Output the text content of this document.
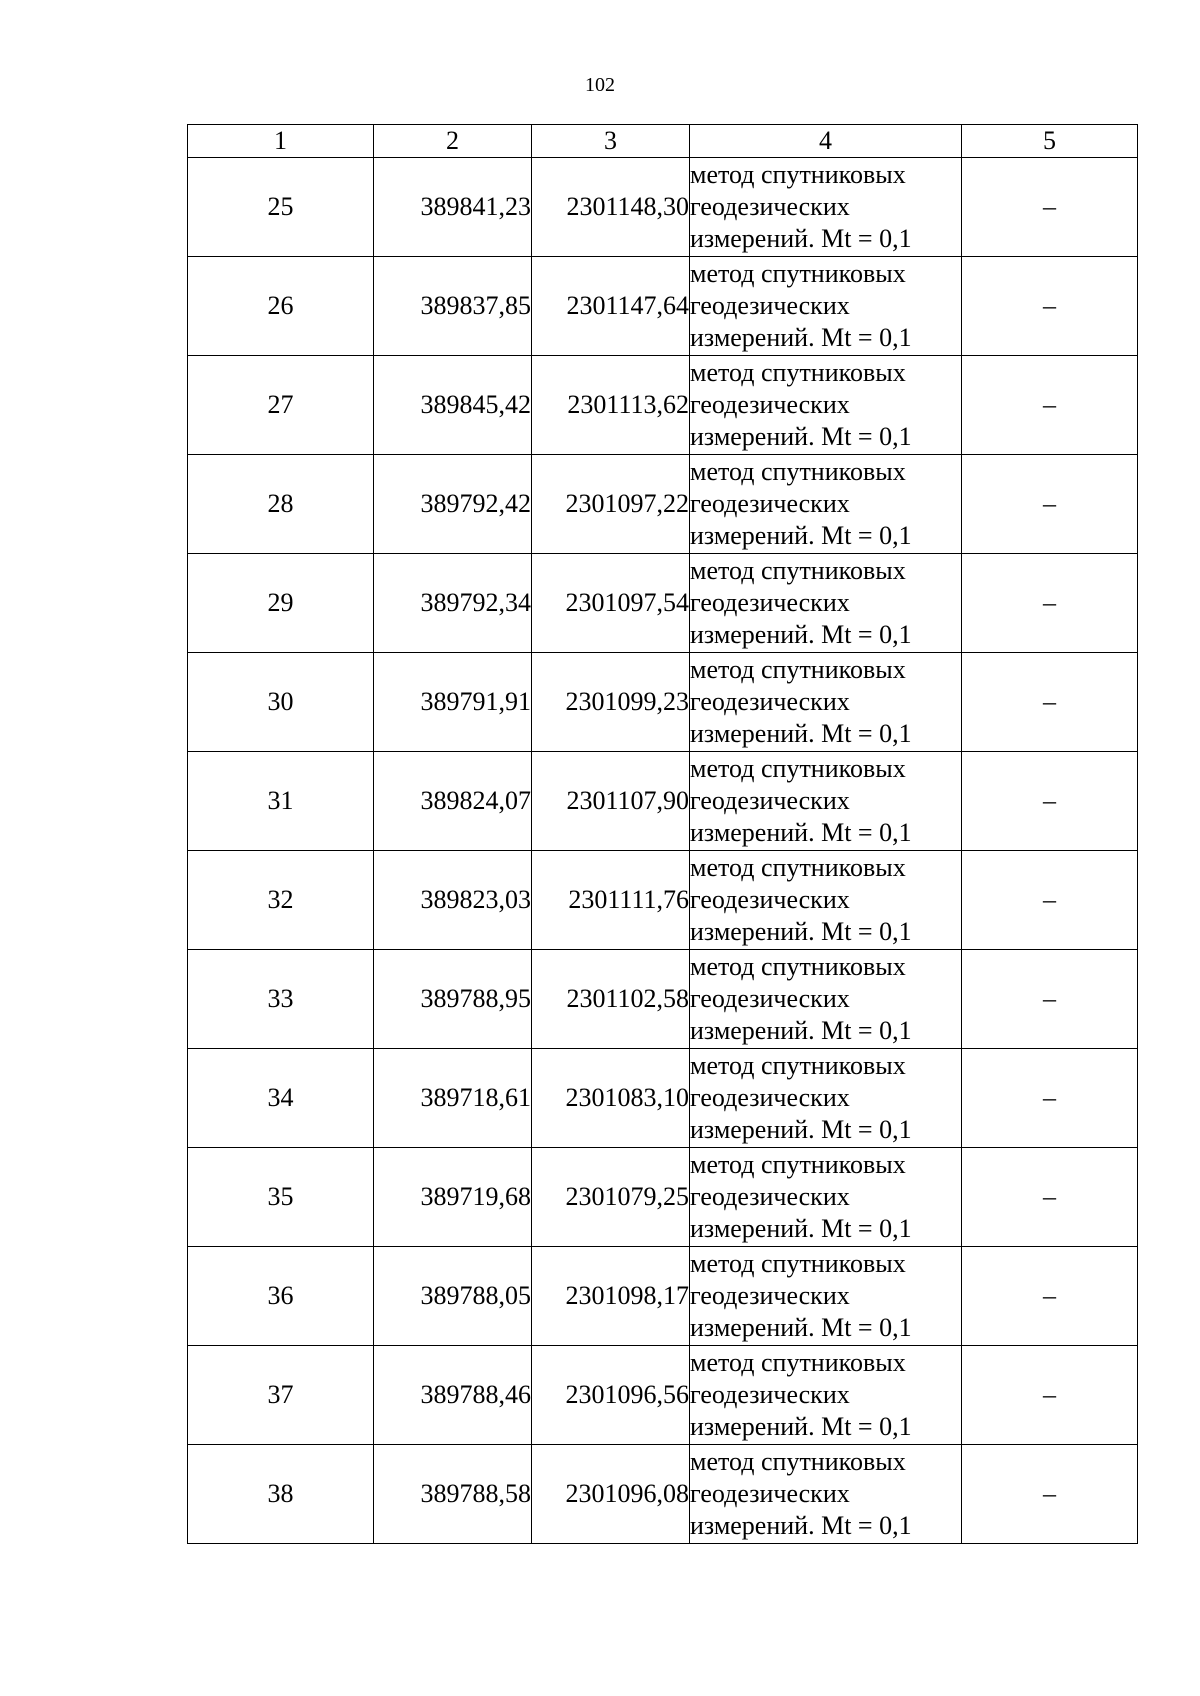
102
1	2	3	4	5
25	389841,23	2301148,30	метод спутниковых
геодезических
измерений. Mt = 0,1	–
26	389837,85	2301147,64	метод спутниковых
геодезических
измерений. Mt = 0,1	–
27	389845,42	2301113,62	метод спутниковых
геодезических
измерений. Mt = 0,1	–
28	389792,42	2301097,22	метод спутниковых
геодезических
измерений. Mt = 0,1	–
29	389792,34	2301097,54	метод спутниковых
геодезических
измерений. Mt = 0,1	–
30	389791,91	2301099,23	метод спутниковых
геодезических
измерений. Mt = 0,1	–
31	389824,07	2301107,90	метод спутниковых
геодезических
измерений. Mt = 0,1	–
32	389823,03	2301111,76	метод спутниковых
геодезических
измерений. Mt = 0,1	–
33	389788,95	2301102,58	метод спутниковых
геодезических
измерений. Mt = 0,1	–
34	389718,61	2301083,10	метод спутниковых
геодезических
измерений. Mt = 0,1	–
35	389719,68	2301079,25	метод спутниковых
геодезических
измерений. Mt = 0,1	–
36	389788,05	2301098,17	метод спутниковых
геодезических
измерений. Mt = 0,1	–
37	389788,46	2301096,56	метод спутниковых
геодезических
измерений. Mt = 0,1	–
38	389788,58	2301096,08	метод спутниковых
геодезических
измерений. Mt = 0,1	–
